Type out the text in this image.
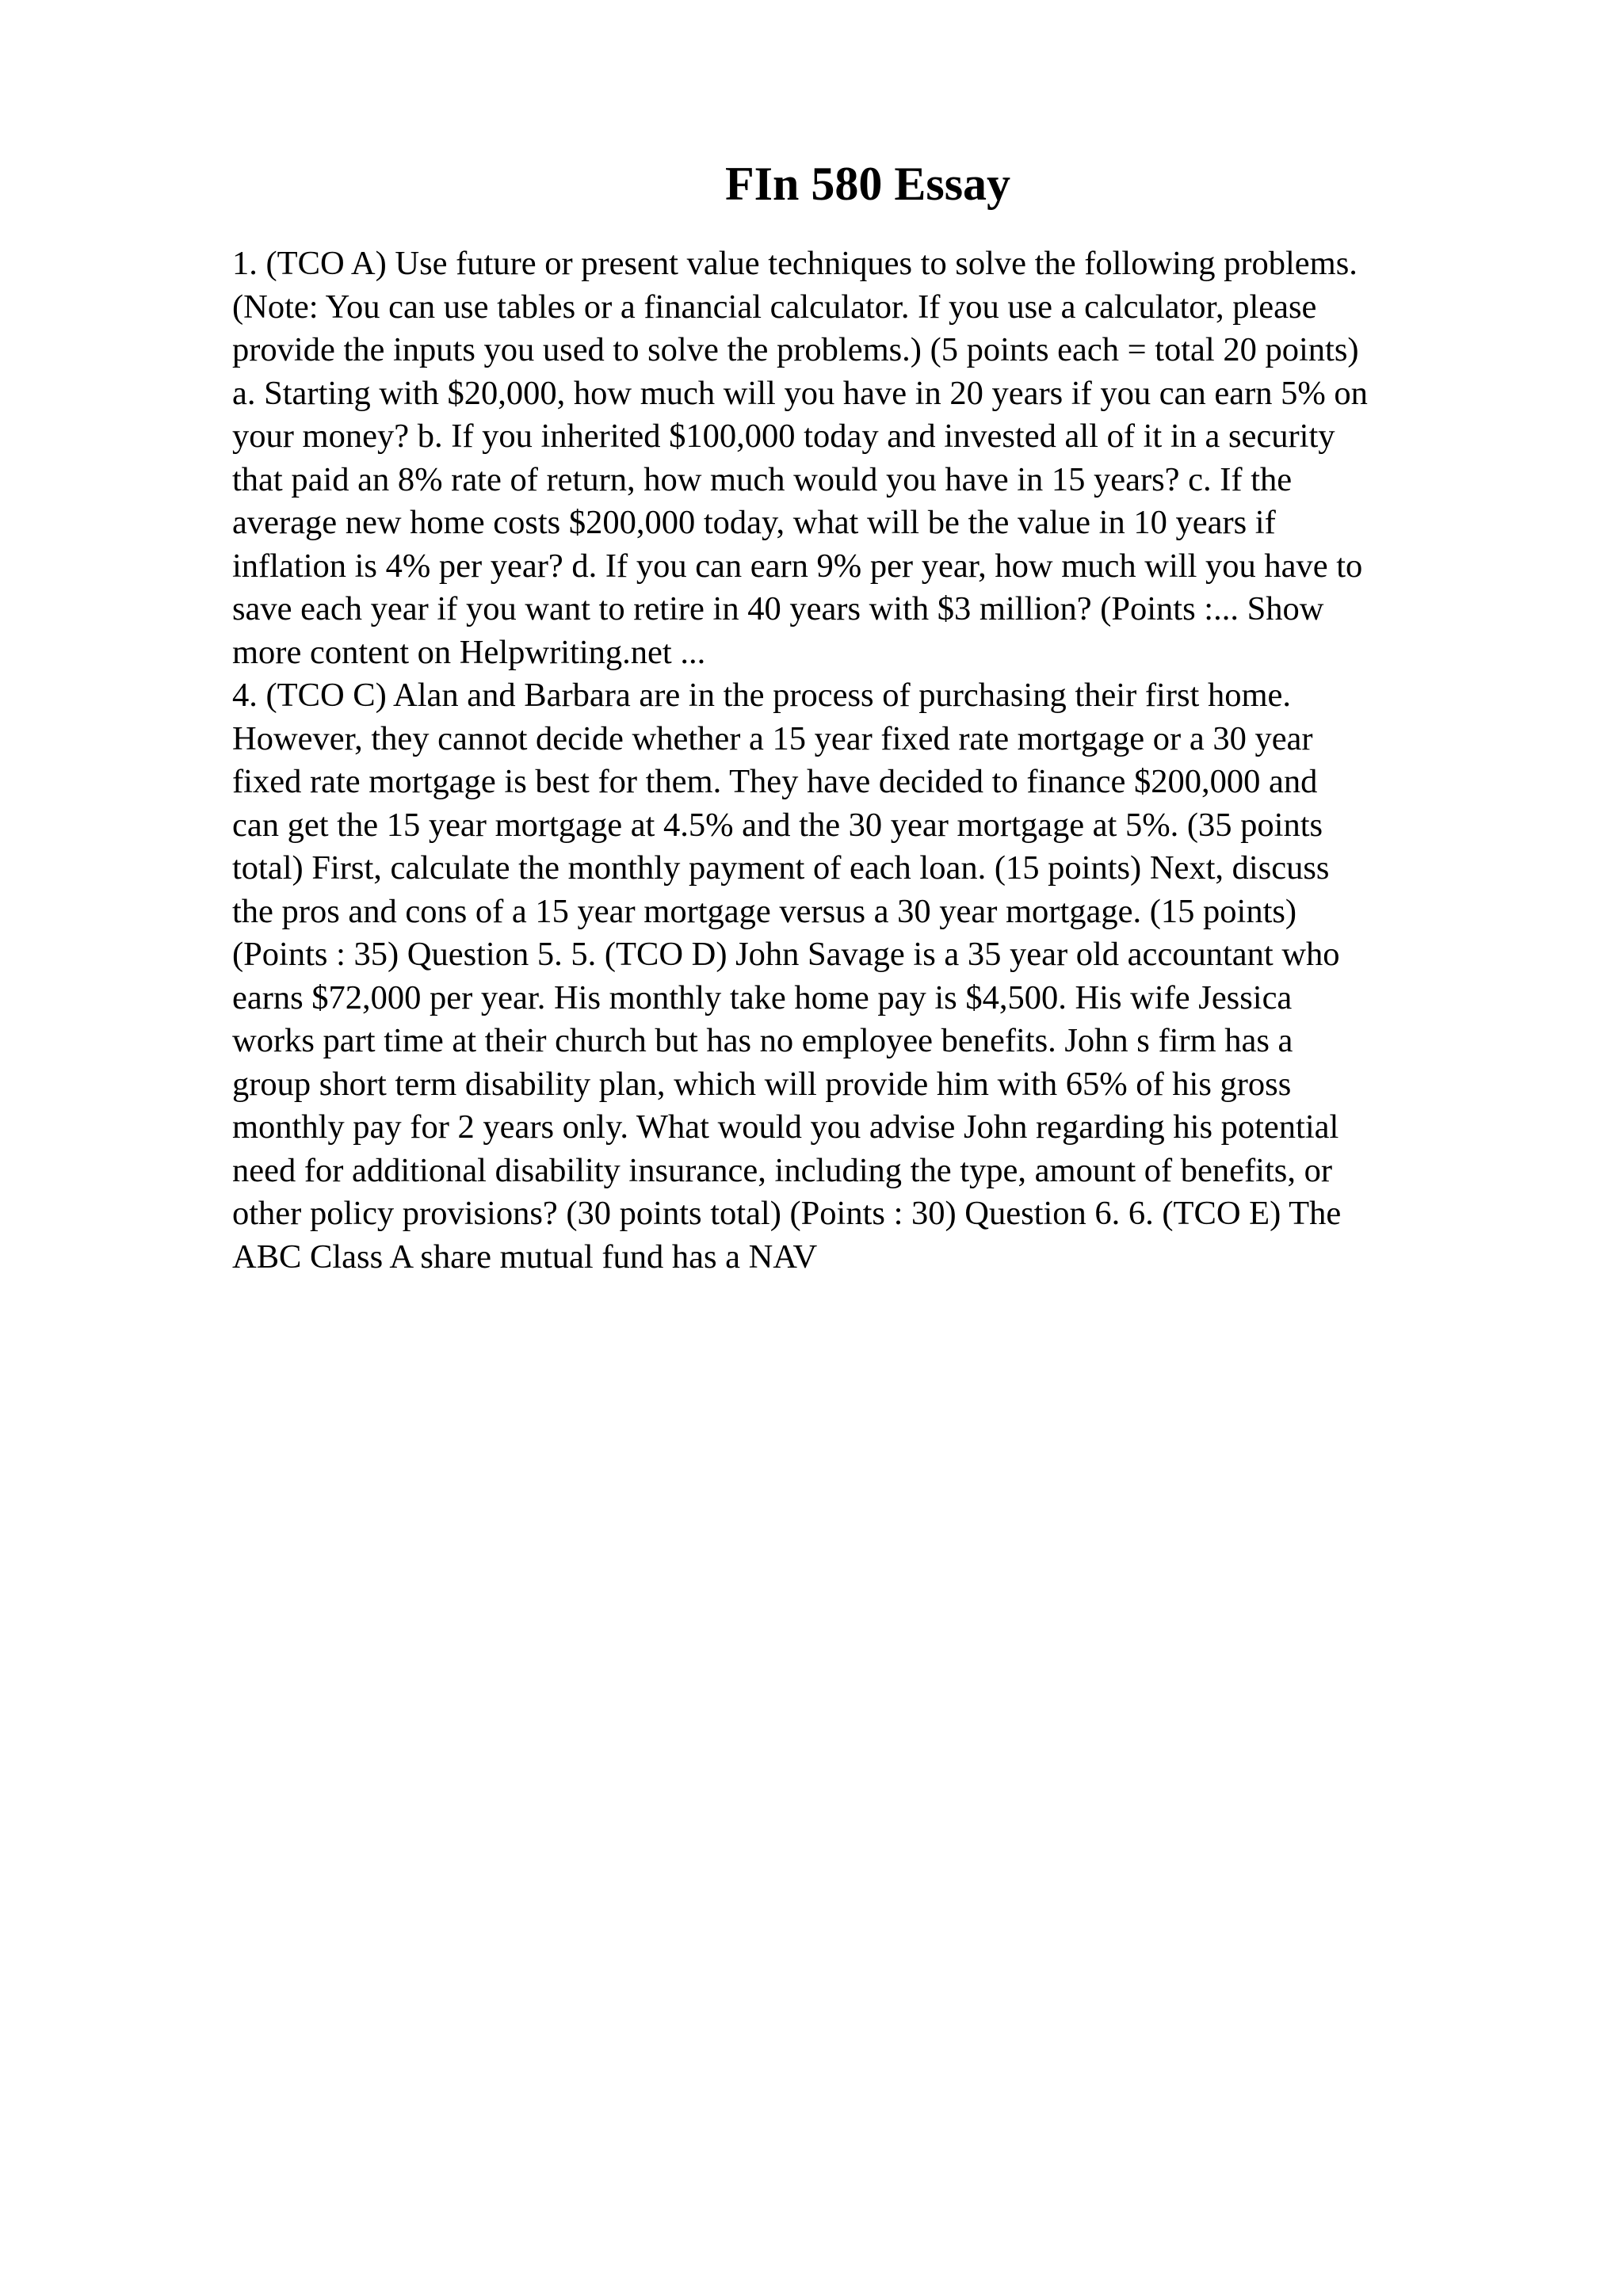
FIn 580 Essay
1. (TCO A) Use future or present value techniques to solve the following problems.
(Note: You can use tables or a financial calculator. If you use a calculator, please
provide the inputs you used to solve the problems.) (5 points each = total 20 points)
a. Starting with $20,000, how much will you have in 20 years if you can earn 5% on
your money? b. If you inherited $100,000 today and invested all of it in a security
that paid an 8% rate of return, how much would you have in 15 years? c. If the
average new home costs $200,000 today, what will be the value in 10 years if
inflation is 4% per year? d. If you can earn 9% per year, how much will you have to
save each year if you want to retire in 40 years with $3 million? (Points :... Show
more content on Helpwriting.net ...
4. (TCO C) Alan and Barbara are in the process of purchasing their first home.
However, they cannot decide whether a 15 year fixed rate mortgage or a 30 year
fixed rate mortgage is best for them. They have decided to finance $200,000 and
can get the 15 year mortgage at 4.5% and the 30 year mortgage at 5%. (35 points
total) First, calculate the monthly payment of each loan. (15 points) Next, discuss
the pros and cons of a 15 year mortgage versus a 30 year mortgage. (15 points)
(Points : 35) Question 5. 5. (TCO D) John Savage is a 35 year old accountant who
earns $72,000 per year. His monthly take home pay is $4,500. His wife Jessica
works part time at their church but has no employee benefits. John s firm has a
group short term disability plan, which will provide him with 65% of his gross
monthly pay for 2 years only. What would you advise John regarding his potential
need for additional disability insurance, including the type, amount of benefits, or
other policy provisions? (30 points total) (Points : 30) Question 6. 6. (TCO E) The
ABC Class A share mutual fund has a NAV
